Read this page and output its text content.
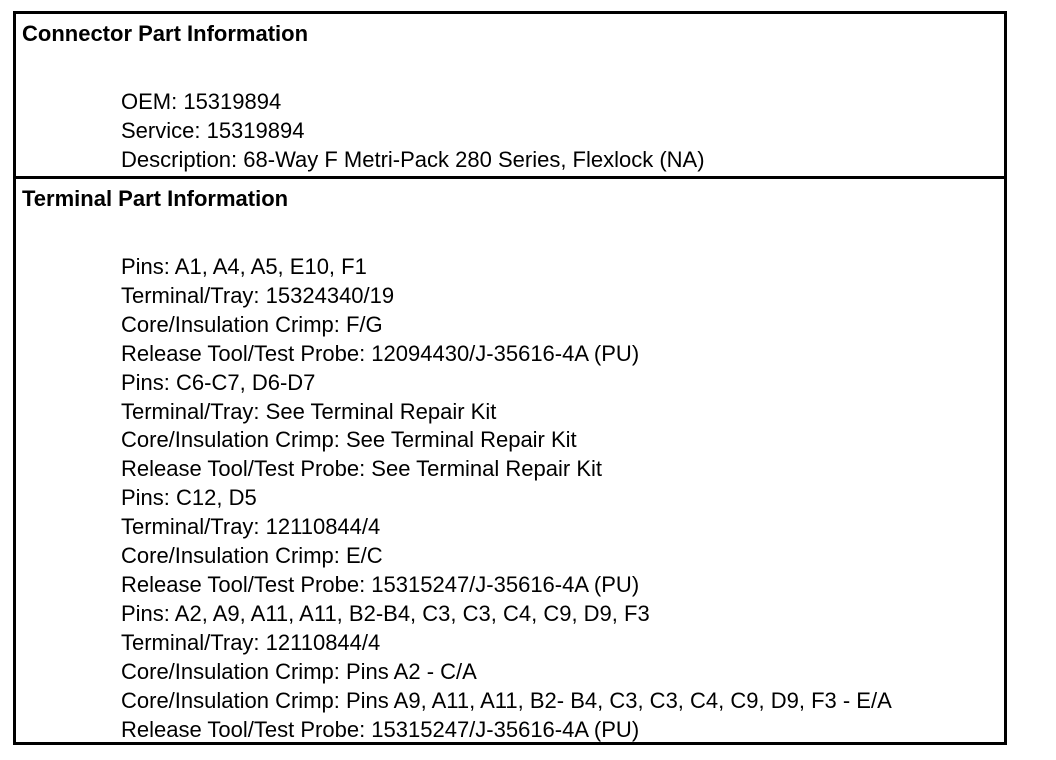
Connector Part Information
OEM: 15319894
Service: 15319894
Description: 68-Way F Metri-Pack 280 Series, Flexlock (NA)
Terminal Part Information
Pins: A1, A4, A5, E10, F1
Terminal/Tray: 15324340/19
Core/Insulation Crimp: F/G
Release Tool/Test Probe: 12094430/J-35616-4A (PU)
Pins: C6-C7, D6-D7
Terminal/Tray: See Terminal Repair Kit
Core/Insulation Crimp: See Terminal Repair Kit
Release Tool/Test Probe: See Terminal Repair Kit
Pins: C12, D5
Terminal/Tray: 12110844/4
Core/Insulation Crimp: E/C
Release Tool/Test Probe: 15315247/J-35616-4A (PU)
Pins: A2, A9, A11, A11, B2-B4, C3, C3, C4, C9, D9, F3
Terminal/Tray: 12110844/4
Core/Insulation Crimp: Pins A2 - C/A
Core/Insulation Crimp: Pins A9, A11, A11, B2- B4, C3, C3, C4, C9, D9, F3 - E/A
Release Tool/Test Probe: 15315247/J-35616-4A (PU)
